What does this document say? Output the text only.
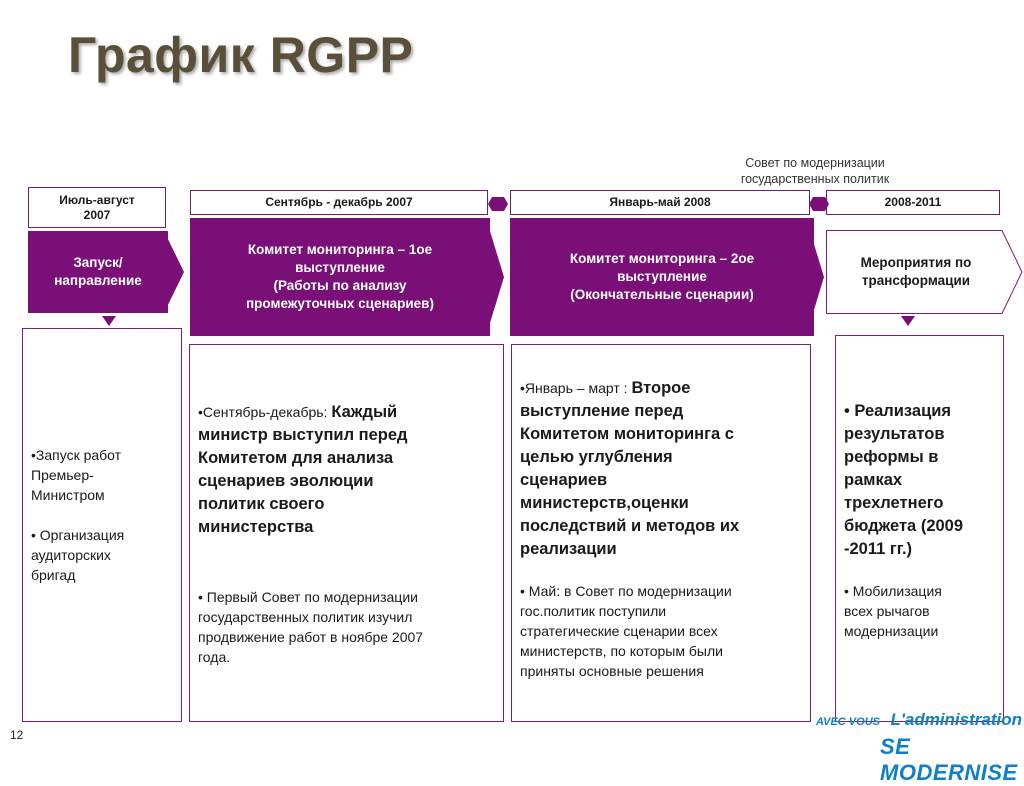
График RGPP
Совет по модернизации
государственных политик
Июль-август
2007
Сентябрь - декабрь 2007	Январь-май 2008	2008-2011
Запуск/
направление
Комитет мониторинга – 1ое
выступление
(Работы по анализу
промежуточных сценариев)
Комитет мониторинга – 2ое
выступление
(Окончательные сценарии)
Мероприятия по
трансформации
•Запуск работ
Премьер-
Министром
• Организация
аудиторских
бригад
•Сентябрь-декабрь: Каждый
министр выступил перед
Комитетом для анализа
сценариев эволюции
политик своего
министерства
• Первый Совет по модернизации
государственных политик изучил
продвижение работ в ноябре 2007
года.
•Январь – март : Второе
выступление перед
Комитетом мониторинга с
целью углубления
сценариев
министерств,оценки
последствий и методов их
реализации
• Май: в Совет по модернизации
гос.политик поступили
стратегические сценарии всех
министерств, по которым были
приняты основные решения
• Реализация
результатов
реформы в
рамках
трехлетнего
бюджета (2009
-2011 гг.)
• Мобилизация
всех рычагов
модернизации
12
AVEC VOUS L'administration
SE MODERNISE
